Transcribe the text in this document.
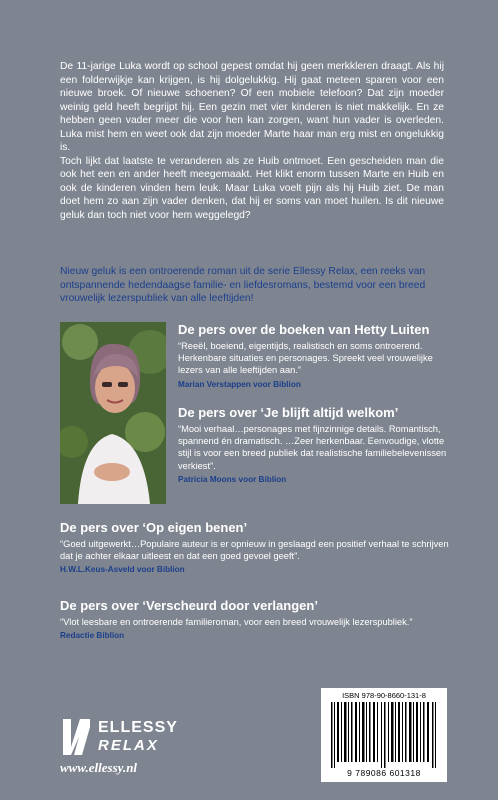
De 11-jarige Luka wordt op school gepest omdat hij geen merkkleren draagt. Als hij een folderwijkje kan krijgen, is hij dolgelukkig. Hij gaat meteen sparen voor een nieuwe broek. Of nieuwe schoenen? Of een mobiele telefoon? Dat zijn moeder weinig geld heeft begrijpt hij. Een gezin met vier kinderen is niet makkelijk. En ze hebben geen vader meer die voor hen kan zorgen, want hun vader is overleden. Luka mist hem en weet ook dat zijn moeder Marte haar man erg mist en ongelukkig is.

Toch lijkt dat laatste te veranderen als ze Huib ontmoet. Een gescheiden man die ook het een en ander heeft meegemaakt. Het klikt enorm tussen Marte en Huib en ook de kinderen vinden hem leuk. Maar Luka voelt pijn als hij Huib ziet. De man doet hem zo aan zijn vader denken, dat hij er soms van moet huilen. Is dit nieuwe geluk dan toch niet voor hem weggelegd?

Nieuw geluk is een ontroerende roman uit de serie Ellessy Relax, een reeks van ontspannende hedendaagse familie- en liefdesromans, bestemd voor een breed vrouwelijk lezerspubliek van alle leeftijden!

De pers over de boeken van Hetty Luiten

“Reeël, boeiend, eigentijds, realistisch en soms ontroerend. Herkenbare situaties en personages. Spreekt veel vrouwelijke lezers van alle leeftijden aan.”

Marian Verstappen voor Biblion

De pers over ‘Je blijft altijd welkom’

“Mooi verhaal…personages met fijnzinnige details. Romantisch, spannend én dramatisch. …Zeer herkenbaar. Eenvoudige, vlotte stijl is voor een breed publiek dat realistische familiebelevenissen verkiest”.

Patricia Moons voor Biblion

De pers over ‘Op eigen benen’

“Goed uitgewerkt…Populaire auteur is er opnieuw in geslaagd een positief verhaal te schrijven dat je achter elkaar uitleest en dat een goed gevoel geeft”.

H.W.L.Keus-Asveld voor Biblion

De pers over ‘Verscheurd door verlangen’

“Vlot leesbare en ontroerende familieroman, voor een breed vrouwelijk lezerspubliek.”

Redactie Biblion

ELLESSY
RELAX
www.ellessy.nl
ISBN 978-90-8660-131-8
9 789086 601318
